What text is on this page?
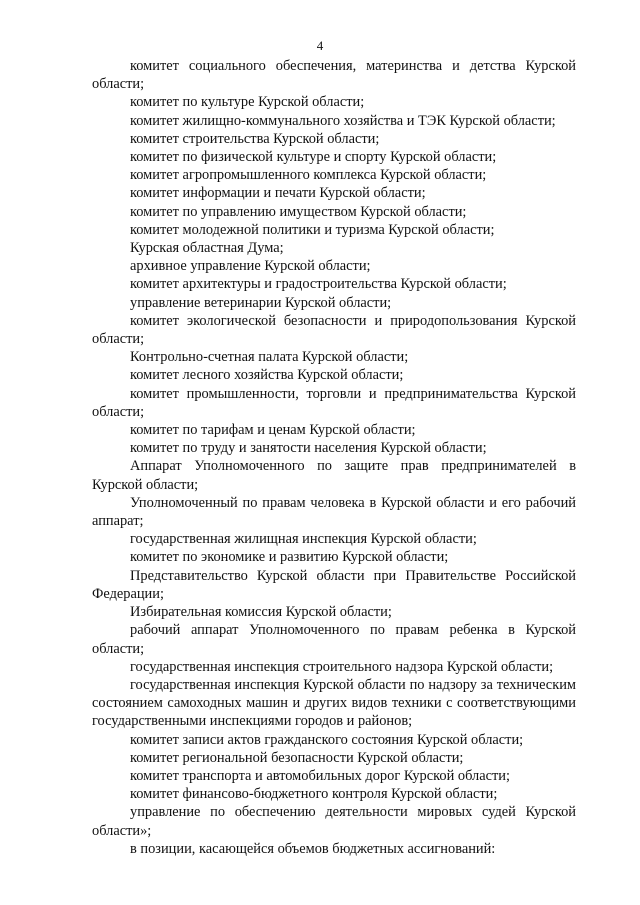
4

комитет социального обеспечения, материнства и детства Курской области;

комитет по культуре Курской области;

комитет жилищно-коммунального хозяйства и ТЭК Курской области;

комитет строительства Курской области;

комитет по физической культуре и спорту Курской области;

комитет агропромышленного комплекса Курской области;

комитет информации и печати Курской области;

комитет по управлению имуществом Курской области;

комитет молодежной политики и туризма Курской области;

Курская областная Дума;

архивное управление Курской области;

комитет архитектуры и градостроительства Курской области;

управление ветеринарии Курской области;

комитет экологической безопасности и природопользования Курской области;

Контрольно-счетная палата Курской области;

комитет лесного хозяйства Курской области;

комитет промышленности, торговли и предпринимательства Курской области;

комитет по тарифам и ценам Курской области;

комитет по труду и занятости населения Курской области;

Аппарат Уполномоченного по защите прав предпринимателей в Курской области;

Уполномоченный по правам человека в Курской области и его рабочий аппарат;

государственная жилищная инспекция Курской области;

комитет по экономике и развитию Курской области;

Представительство Курской области при Правительстве Российской Федерации;

Избирательная комиссия Курской области;

рабочий аппарат Уполномоченного по правам ребенка в Курской области;

государственная инспекция строительного надзора Курской области;

государственная инспекция Курской области по надзору за техническим состоянием самоходных машин и других видов техники с соответствующими государственными инспекциями городов и районов;

комитет записи актов гражданского состояния Курской области;

комитет региональной безопасности Курской области;

комитет транспорта и автомобильных дорог Курской области;

комитет финансово-бюджетного контроля Курской области;

управление по обеспечению деятельности мировых судей Курской области»;

в позиции, касающейся объемов бюджетных ассигнований:
